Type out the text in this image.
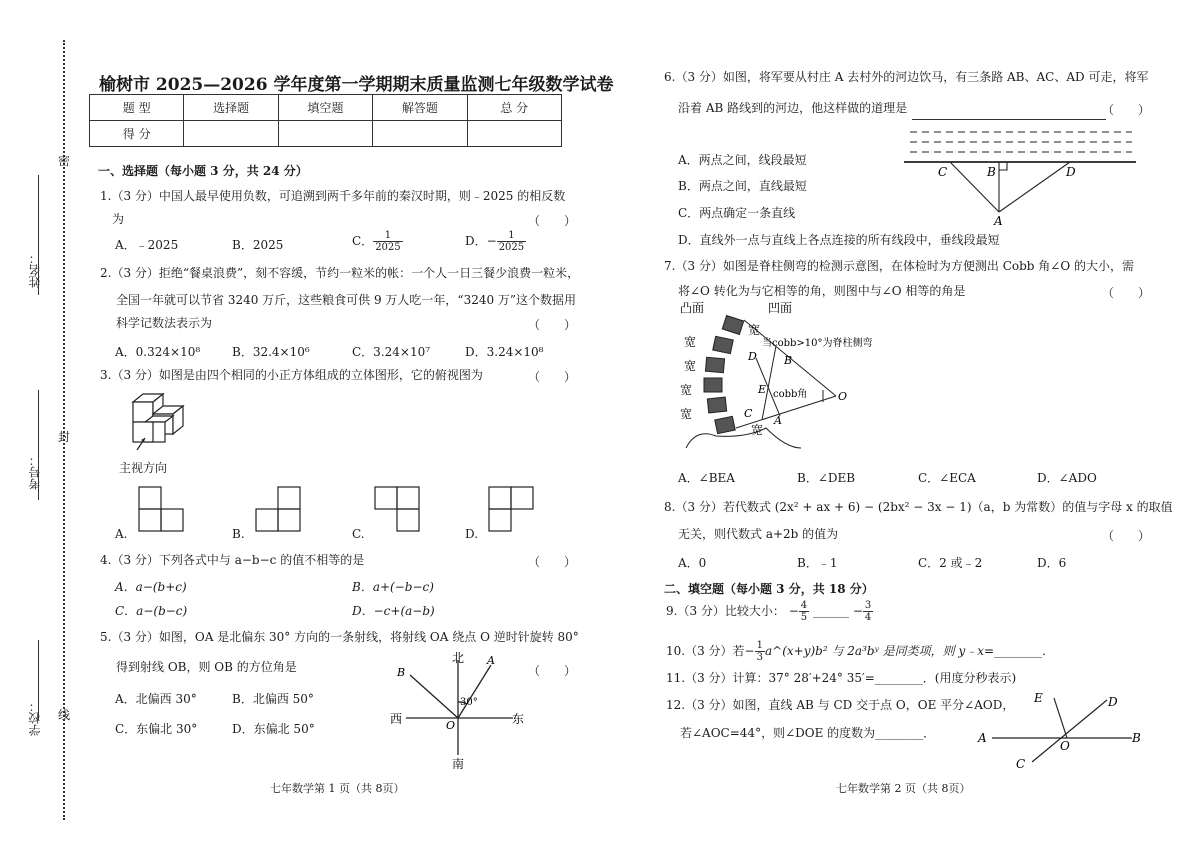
密
封
线
姓名：
考号：
学校：
榆树市 2025—2026 学年度第一学期期末质量监测七年级数学试卷
题 型	选择题	填空题	解答题	总 分
得 分				
一、选择题（每小题 3 分，共 24 分）
1.（3 分）中国人最早使用负数，可追溯到两千多年前的秦汉时期，则﹣2025 的相反数
为	（　　）
A．﹣2025	B．2025	C． $\frac{1}{2025}$	D．− $\frac{1}{2025}$
2.（3 分）拒绝“餐桌浪费”，刻不容缓，节约一粒米的帐：一个人一日三餐少浪费一粒米，
全国一年就可以节省 3240 万斤，这些粮食可供 9 万人吃一年，“3240 万”这个数据用
科学记数法表示为	（　　）
A．0.324×10⁸	B．32.4×10⁶	C．3.24×10⁷	D．3.24×10⁸
3.（3 分）如图是由四个相同的小正方体组成的立体图形，它的俯视图为	（　　）
主视方向
A.	B.	C.	D.
4.（3 分）下列各式中与 a−b−c 的值不相等的是	（　　）
A．a−(b+c)	B．a+(−b−c)
C．a−(b−c)	D．−c+(a−b)
5.（3 分）如图，OA 是北偏东 30° 方向的一条射线，将射线 OA 绕点 O 逆时针旋转 80°
得到射线 OB，则 OB 的方位角是	（　　）
A．北偏西 30°	B．北偏西 50°
C．东偏北 30°	D．东偏北 50°
北
南
东
西
A
B
O
30°
七年数学第 1 页（共 8页）
6.（3 分）如图，将军要从村庄 A 去村外的河边饮马，有三条路 AB、AC、AD 可走，将军
沿着 AB 路线到的河边，他这样做的道理是	（　　）
C	B	D
A
A．两点之间，线段最短
B．两点之间，直线最短
C．两点确定一条直线
D．直线外一点与直线上各点连接的所有线段中，垂线段最短
7.（3 分）如图是脊柱侧弯的检测示意图，在体检时为方便测出 Cobb 角∠O 的大小，需
将∠O 转化为与它相等的角，则图中与∠O 相等的角是	（　　）
凸面	凹面
宽
宽
宽
宽
宽
宽
当cobb>10°为脊柱侧弯
cobb角
D B
E
C
A
O
A．∠BEA	B．∠DEB	C．∠ECA	D．∠ADO
8.（3 分）若代数式 (2x² + ax + 6) − (2bx² − 3x − 1)（a，b 为常数）的值与字母 x 的取值
无关，则代数式 a+2b 的值为	（　　）
A．0	B．﹣1	C．2 或﹣2	D．6
二、填空题（每小题 3 分，共 18 分）
9.（3 分）比较大小： − $\frac{4}{5}$ ______ − $\frac{3}{4}$
10.（3 分）若− $\frac{1}{3}$ a^(x+y)b² 与 2a³bʸ 是同类项，则 y﹣x=________．
11.（3 分）计算：37° 28′+24° 35′=________．(用度分秒表示)
12.（3 分）如图，直线 AB 与 CD 交于点 O，OE 平分∠AOD，
若∠AOC=44°，则∠DOE 的度数为________．	A	B
C
D
E
O
七年数学第 2 页（共 8页）
